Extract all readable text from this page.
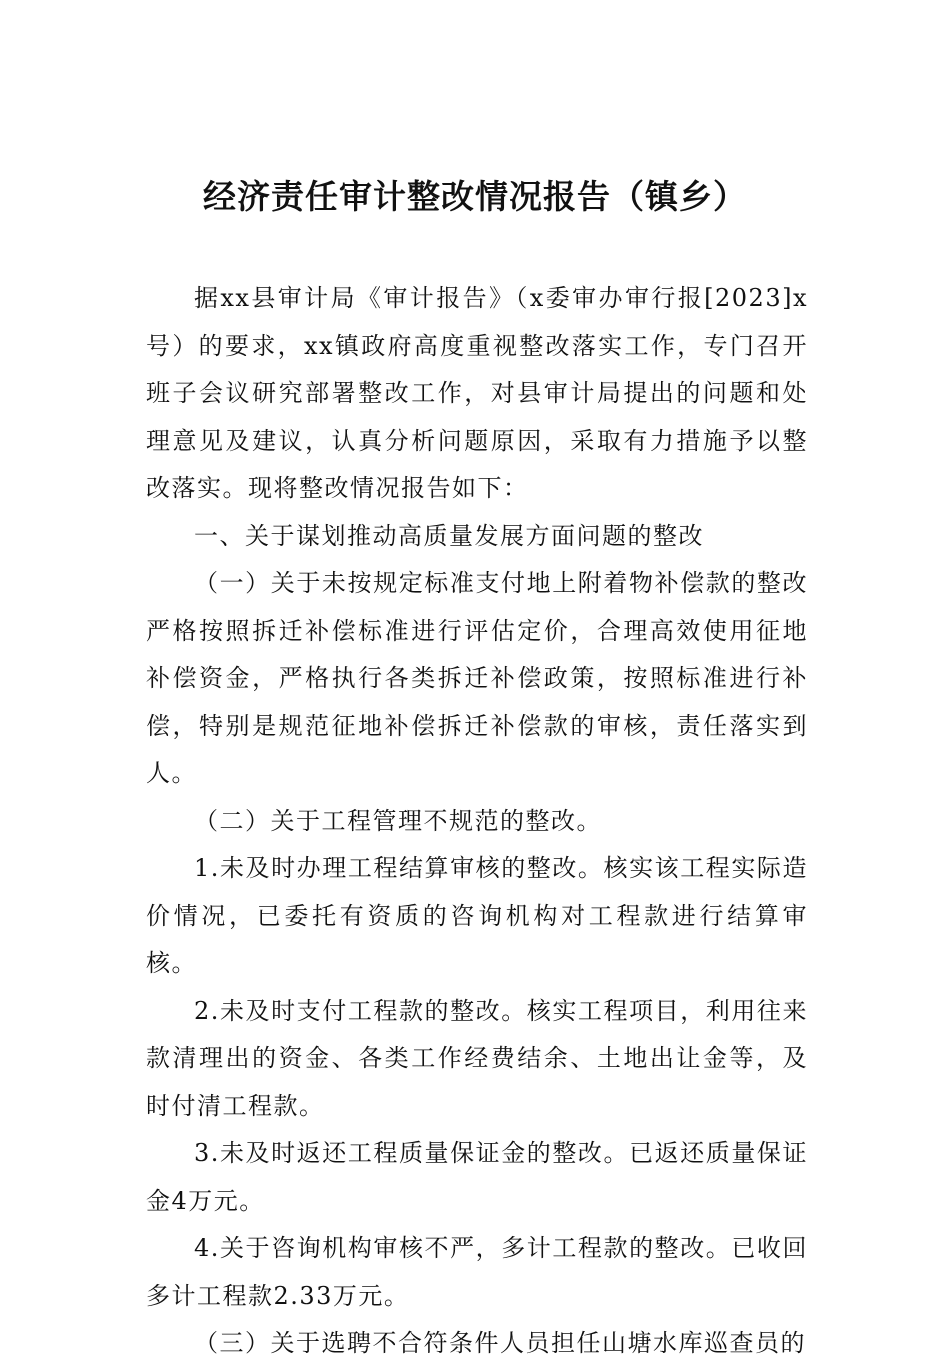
经济责任审计整改情况报告（镇乡）

据xx县审计局《审计报告》（x委审办审行报[2023]x号）的要求，xx镇政府高度重视整改落实工作，专门召开班子会议研究部署整改工作，对县审计局提出的问题和处理意见及建议，认真分析问题原因，采取有力措施予以整改落实。现将整改情况报告如下：

一、关于谋划推动高质量发展方面问题的整改

（一）关于未按规定标准支付地上附着物补偿款的整改严格按照拆迁补偿标准进行评估定价，合理高效使用征地补偿资金，严格执行各类拆迁补偿政策，按照标准进行补偿，特别是规范征地补偿拆迁补偿款的审核，责任落实到人。

（二）关于工程管理不规范的整改。

1.未及时办理工程结算审核的整改。核实该工程实际造价情况，已委托有资质的咨询机构对工程款进行结算审核。

2.未及时支付工程款的整改。核实工程项目，利用往来款清理出的资金、各类工作经费结余、土地出让金等，及时付清工程款。

3.未及时返还工程质量保证金的整改。已返还质量保证金4万元。

4.关于咨询机构审核不严，多计工程款的整改。已收回多计工程款2.33万元。

（三）关于选聘不合符条件人员担任山塘水库巡查员的
